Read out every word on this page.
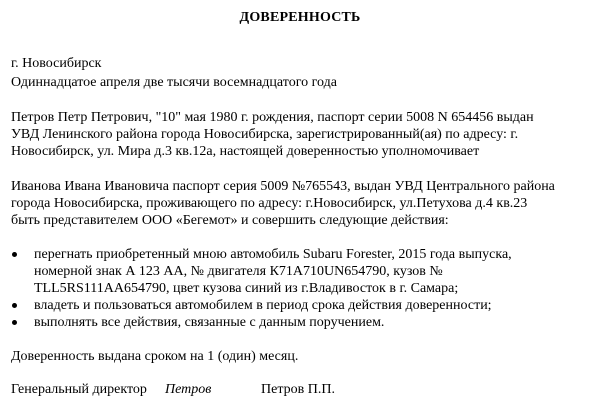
ДОВЕРЕННОСТЬ
г. Новосибирск
Одиннадцатое апреля две тысячи восемнадцатого года
Петров Петр Петрович, "10" мая 1980 г. рождения, паспорт серии 5008 N 654456 выдан
УВД Ленинского района города Новосибирска, зарегистрированный(ая) по адресу: г.
Новосибирск, ул. Мира д.3 кв.12а, настоящей доверенностью уполномочивает
Иванова Ивана Ивановича паспорт серия 5009 №765543, выдан УВД Центрального района
города Новосибирска, проживающего по адресу: г.Новосибирск, ул.Петухова д.4 кв.23
быть представителем ООО «Бегемот» и совершить следующие действия:
перегнать приобретенный мною автомобиль Subaru Forester, 2015 года выпуска,
номерной знак А 123 АА, № двигателя К71А710UN654790, кузов №
TLL5RS111AA654790, цвет кузова синий из г.Владивосток в г. Самара;
владеть и пользоваться автомобилем в период срока действия доверенности;
выполнять все действия, связанные с данным поручением.
Доверенность выдана сроком на 1 (один) месяц.
Генеральный директор Петров	Петров П.П.
